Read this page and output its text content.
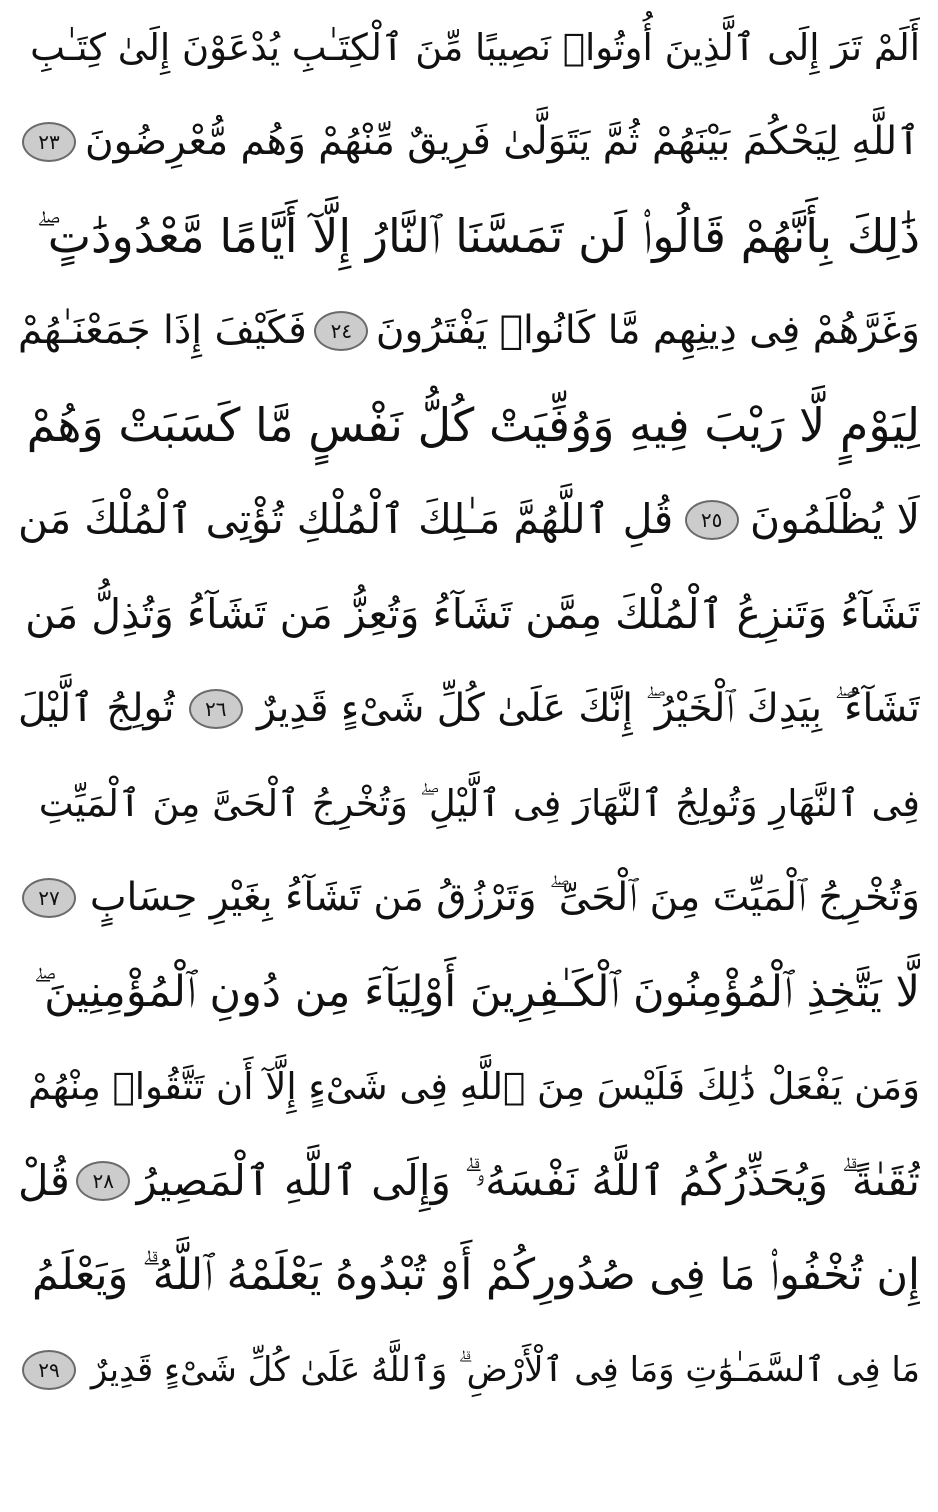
أَلَمْ تَرَ إِلَى ٱلَّذِينَ أُوتُوا۟ نَصِيبًا مِّنَ ٱلْكِتَـٰبِ يُدْعَوْنَ إِلَىٰ كِتَـٰبِ
ٱللَّهِ لِيَحْكُمَ بَيْنَهُمْ ثُمَّ يَتَوَلَّىٰ فَرِيقٌ مِّنْهُمْ وَهُم مُّعْرِضُونَ
٢٣
ذَٰلِكَ بِأَنَّهُمْ قَالُوا۟ لَن تَمَسَّنَا ٱلنَّارُ إِلَّآ أَيَّامًا مَّعْدُودَٰتٍ ۖ
وَغَرَّهُمْ فِى دِينِهِم مَّا كَانُوا۟ يَفْتَرُونَ
٢٤
فَكَيْفَ إِذَا جَمَعْنَـٰهُمْ
لِيَوْمٍ لَّا رَيْبَ فِيهِ وَوُفِّيَتْ كُلُّ نَفْسٍ مَّا كَسَبَتْ وَهُمْ
لَا يُظْلَمُونَ
٢٥
قُلِ ٱللَّهُمَّ مَـٰلِكَ ٱلْمُلْكِ تُؤْتِى ٱلْمُلْكَ مَن
تَشَآءُ وَتَنزِعُ ٱلْمُلْكَ مِمَّن تَشَآءُ وَتُعِزُّ مَن تَشَآءُ وَتُذِلُّ مَن
تَشَآءُ ۖ بِيَدِكَ ٱلْخَيْرُ ۖ إِنَّكَ عَلَىٰ كُلِّ شَىْءٍ قَدِيرٌ
٢٦
تُولِجُ ٱلَّيْلَ
فِى ٱلنَّهَارِ وَتُولِجُ ٱلنَّهَارَ فِى ٱلَّيْلِ ۖ وَتُخْرِجُ ٱلْحَىَّ مِنَ ٱلْمَيِّتِ
وَتُخْرِجُ ٱلْمَيِّتَ مِنَ ٱلْحَىِّ ۖ وَتَرْزُقُ مَن تَشَآءُ بِغَيْرِ حِسَابٍ
٢٧
لَّا يَتَّخِذِ ٱلْمُؤْمِنُونَ ٱلْكَـٰفِرِينَ أَوْلِيَآءَ مِن دُونِ ٱلْمُؤْمِنِينَ ۖ
وَمَن يَفْعَلْ ذَٰلِكَ فَلَيْسَ مِنَ ٱللَّهِ فِى شَىْءٍ إِلَّآ أَن تَتَّقُوا۟ مِنْهُمْ
تُقَىٰةً ۗ وَيُحَذِّرُكُمُ ٱللَّهُ نَفْسَهُۥ ۗ وَإِلَى ٱللَّهِ ٱلْمَصِيرُ
٢٨
قُلْ
إِن تُخْفُوا۟ مَا فِى صُدُورِكُمْ أَوْ تُبْدُوهُ يَعْلَمْهُ ٱللَّهُ ۗ وَيَعْلَمُ
مَا فِى ٱلسَّمَـٰوَٰتِ وَمَا فِى ٱلْأَرْضِ ۗ وَٱللَّهُ عَلَىٰ كُلِّ شَىْءٍ قَدِيرٌ
٢٩
